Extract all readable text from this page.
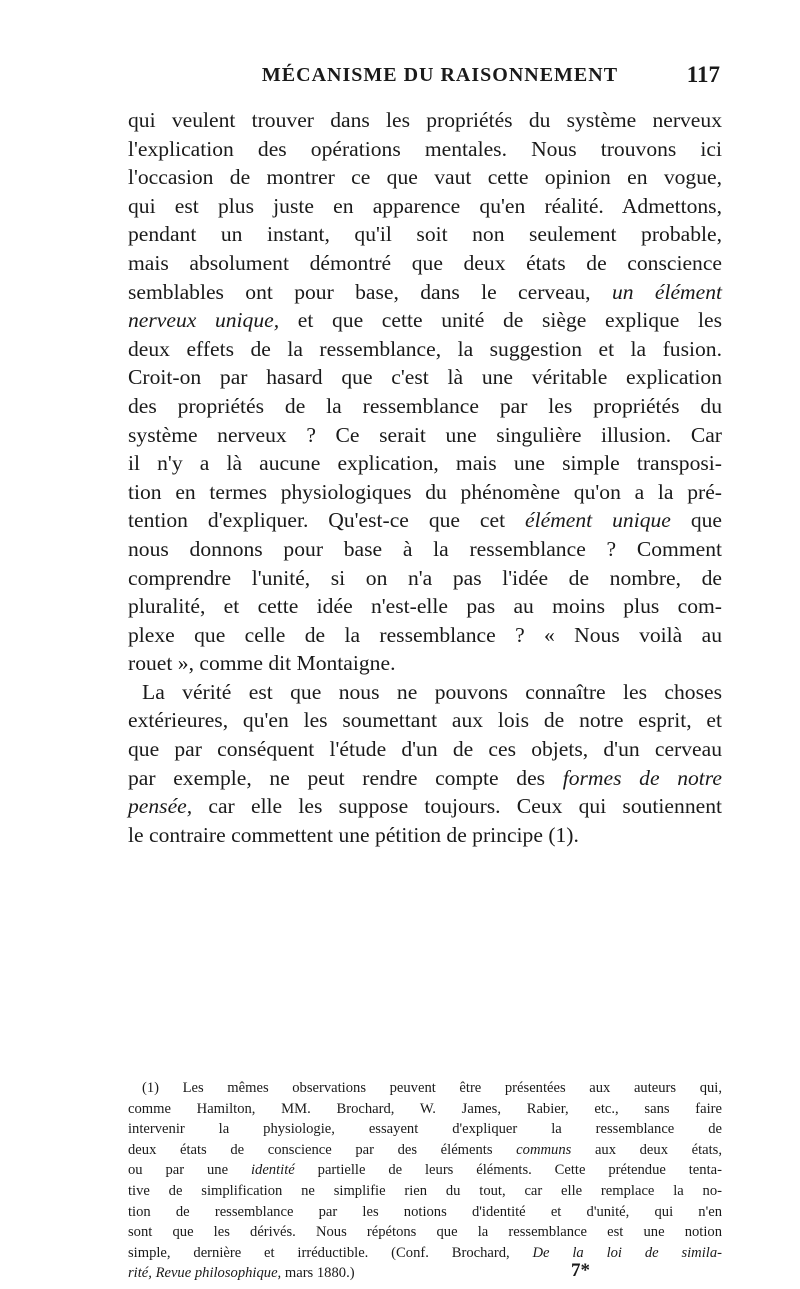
MÉCANISME DU RAISONNEMENT	117
qui veulent trouver dans les propriétés du système nerveux
l'explication des opérations mentales. Nous trouvons ici
l'occasion de montrer ce que vaut cette opinion en vogue,
qui est plus juste en apparence qu'en réalité. Admettons,
pendant un instant, qu'il soit non seulement probable,
mais absolument démontré que deux états de conscience
semblables ont pour base, dans le cerveau, un élément
nerveux unique, et que cette unité de siège explique les
deux effets de la ressemblance, la suggestion et la fusion.
Croit-on par hasard que c'est là une véritable explication
des propriétés de la ressemblance par les propriétés du
système nerveux ? Ce serait une singulière illusion. Car
il n'y a là aucune explication, mais une simple transposi-
tion en termes physiologiques du phénomène qu'on a la pré-
tention d'expliquer. Qu'est-ce que cet élément unique que
nous donnons pour base à la ressemblance ? Comment
comprendre l'unité, si on n'a pas l'idée de nombre, de
pluralité, et cette idée n'est-elle pas au moins plus com-
plexe que celle de la ressemblance ? « Nous voilà au
rouet », comme dit Montaigne.
La vérité est que nous ne pouvons connaître les choses
extérieures, qu'en les soumettant aux lois de notre esprit, et
que par conséquent l'étude d'un de ces objets, d'un cerveau
par exemple, ne peut rendre compte des formes de notre
pensée, car elle les suppose toujours. Ceux qui soutiennent
le contraire commettent une pétition de principe (1).
(1) Les mêmes observations peuvent être présentées aux auteurs qui,
comme Hamilton, MM. Brochard, W. James, Rabier, etc., sans faire
intervenir la physiologie, essayent d'expliquer la ressemblance de
deux états de conscience par des éléments communs aux deux états,
ou par une identité partielle de leurs éléments. Cette prétendue tenta-
tive de simplification ne simplifie rien du tout, car elle remplace la no-
tion de ressemblance par les notions d'identité et d'unité, qui n'en
sont que les dérivés. Nous répétons que la ressemblance est une notion
simple, dernière et irréductible. (Conf. Brochard, De la loi de simila-
rité, Revue philosophique, mars 1880.)	7*
